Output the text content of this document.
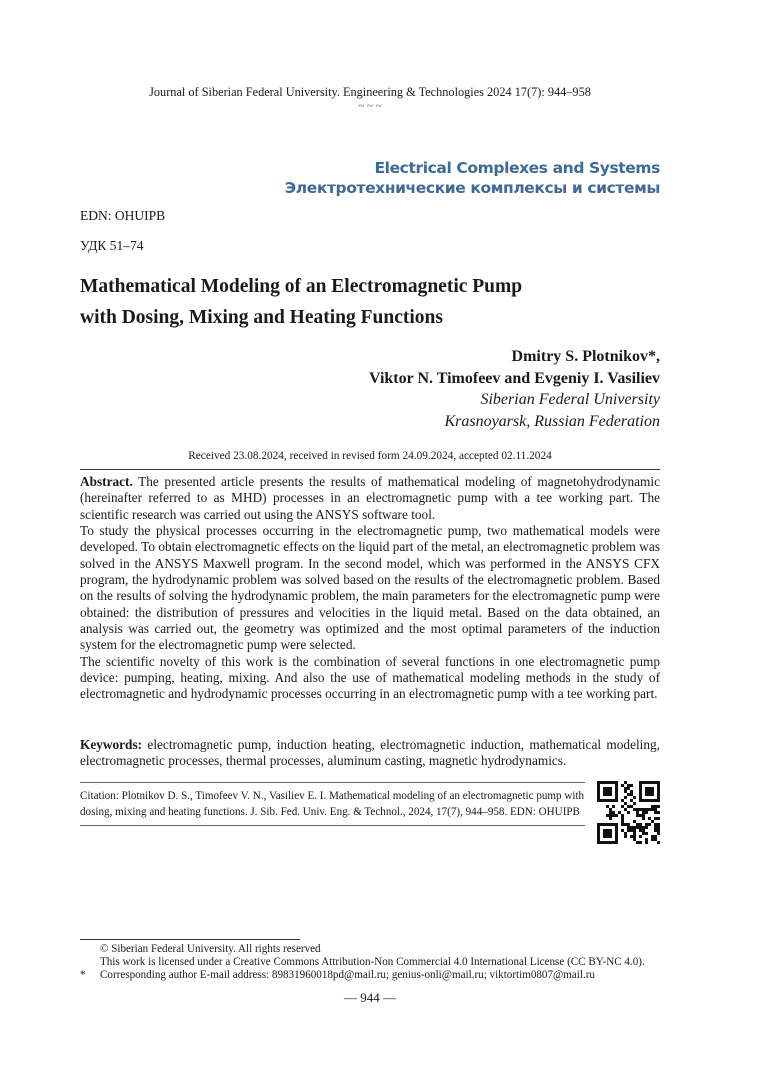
Journal of Siberian Federal University. Engineering & Technologies 2024 17(7): 944–958
~ ~ ~
Electrical Complexes and Systems
Электротехнические комплексы и системы
EDN: OHUIPB
УДК 51–74
Mathematical Modeling of an Electromagnetic Pump
with Dosing, Mixing and Heating Functions
Dmitry S. Plotnikov*,
Viktor N. Timofeev and Evgeniy I. Vasiliev
Siberian Federal University
Krasnoyarsk, Russian Federation
Received 23.08.2024, received in revised form 24.09.2024, accepted 02.11.2024

Abstract. The presented article presents the results of mathematical modeling of magnetohydrodynamic (hereinafter referred to as MHD) processes in an electromagnetic pump with a tee working part. The scientific research was carried out using the ANSYS software tool.

To study the physical processes occurring in the electromagnetic pump, two mathematical models were developed. To obtain electromagnetic effects on the liquid part of the metal, an electromagnetic problem was solved in the ANSYS Maxwell program. In the second model, which was performed in the ANSYS CFX program, the hydrodynamic problem was solved based on the results of the electromagnetic problem. Based on the results of solving the hydrodynamic problem, the main parameters for the electromagnetic pump were obtained: the distribution of pressures and velocities in the liquid metal. Based on the data obtained, an analysis was carried out, the geometry was optimized and the most optimal parameters of the induction system for the electromagnetic pump were selected.

The scientific novelty of this work is the combination of several functions in one electromagnetic pump device: pumping, heating, mixing. And also the use of mathematical modeling methods in the study of electromagnetic and hydrodynamic processes occurring in an electromagnetic pump with a tee working part.

Keywords: electromagnetic pump, induction heating, electromagnetic induction, mathematical modeling, electromagnetic processes, thermal processes, aluminum casting, magnetic hydrodynamics.
Citation: Plotnikov D. S., Timofeev V. N., Vasiliev E. I. Mathematical modeling of an electromagnetic pump with dosing, mixing and heating functions. J. Sib. Fed. Univ. Eng. & Technol., 2024, 17(7), 944–958. EDN: OHUIPB
© Siberian Federal University. All rights reserved
This work is licensed under a Creative Commons Attribution-Non Commercial 4.0 International License (CC BY-NC 4.0).
* Corresponding author E-mail address: 89831960018pd@mail.ru; genius-onli@mail.ru; viktortim0807@mail.ru
— 944 —
